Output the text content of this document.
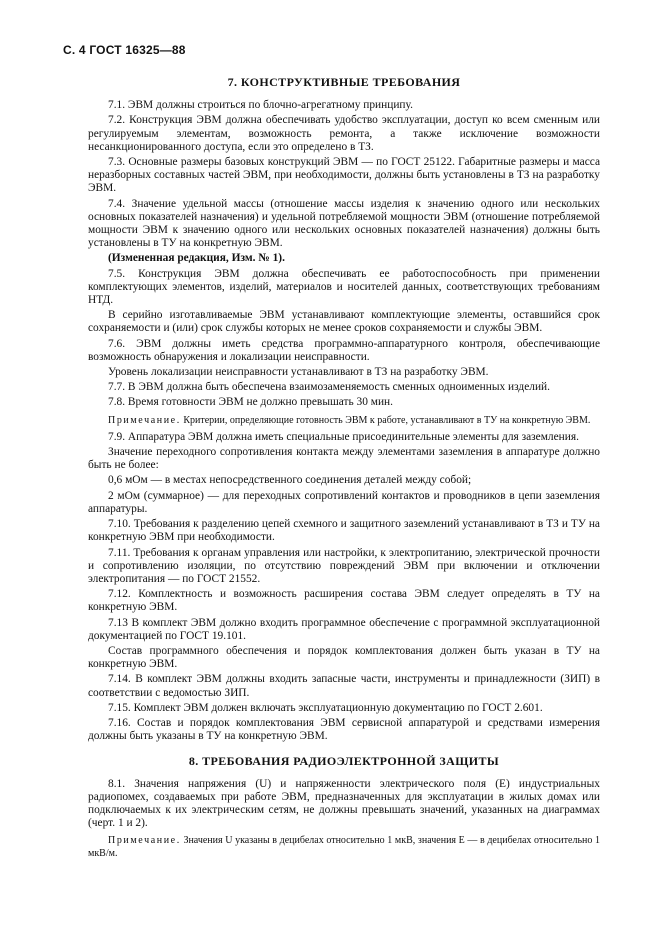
С. 4 ГОСТ 16325—88
7. КОНСТРУКТИВНЫЕ ТРЕБОВАНИЯ

7.1. ЭВМ должны строиться по блочно-агрегатному принципу.

7.2. Конструкция ЭВМ должна обеспечивать удобство эксплуатации, доступ ко всем сменным или регулируемым элементам, возможность ремонта, а также исключение возможности несанкционированного доступа, если это определено в ТЗ.

7.3. Основные размеры базовых конструкций ЭВМ — по ГОСТ 25122. Габаритные размеры и масса неразборных составных частей ЭВМ, при необходимости, должны быть установлены в ТЗ на разработку ЭВМ.

7.4. Значение удельной массы (отношение массы изделия к значению одного или нескольких основных показателей назначения) и удельной потребляемой мощности ЭВМ (отношение потребляемой мощности ЭВМ к значению одного или нескольких основных показателей назначения) должны быть установлены в ТУ на конкретную ЭВМ.

(Измененная редакция, Изм. № 1).

7.5. Конструкция ЭВМ должна обеспечивать ее работоспособность при применении комплектующих элементов, изделий, материалов и носителей данных, соответствующих требованиям НТД.

В серийно изготавливаемые ЭВМ устанавливают комплектующие элементы, оставшийся срок сохраняемости и (или) срок службы которых не менее сроков сохраняемости и службы ЭВМ.

7.6. ЭВМ должны иметь средства программно-аппаратурного контроля, обеспечивающие возможность обнаружения и локализации неисправности.

Уровень локализации неисправности устанавливают в ТЗ на разработку ЭВМ.

7.7. В ЭВМ должна быть обеспечена взаимозаменяемость сменных одноименных изделий.

7.8. Время готовности ЭВМ не должно превышать 30 мин.

Примечание. Критерии, определяющие готовность ЭВМ к работе, устанавливают в ТУ на конкретную ЭВМ.

7.9. Аппаратура ЭВМ должна иметь специальные присоединительные элементы для заземления.

Значение переходного сопротивления контакта между элементами заземления в аппаратуре должно быть не более:

0,6 мОм — в местах непосредственного соединения деталей между собой;

2 мОм (суммарное) — для переходных сопротивлений контактов и проводников в цепи заземления аппаратуры.

7.10. Требования к разделению цепей схемного и защитного заземлений устанавливают в ТЗ и ТУ на конкретную ЭВМ при необходимости.

7.11. Требования к органам управления или настройки, к электропитанию, электрической прочности и сопротивлению изоляции, по отсутствию повреждений ЭВМ при включении и отключении электропитания — по ГОСТ 21552.

7.12. Комплектность и возможность расширения состава ЭВМ следует определять в ТУ на конкретную ЭВМ.

7.13 В комплект ЭВМ должно входить программное обеспечение с программной эксплуатационной документацией по ГОСТ 19.101.

Состав программного обеспечения и порядок комплектования должен быть указан в ТУ на конкретную ЭВМ.

7.14. В комплект ЭВМ должны входить запасные части, инструменты и принадлежности (ЗИП) в соответствии с ведомостью ЗИП.

7.15. Комплект ЭВМ должен включать эксплуатационную документацию по ГОСТ 2.601.

7.16. Состав и порядок комплектования ЭВМ сервисной аппаратурой и средствами измерения должны быть указаны в ТУ на конкретную ЭВМ.

8. ТРЕБОВАНИЯ РАДИОЭЛЕКТРОННОЙ ЗАЩИТЫ

8.1. Значения напряжения (U) и напряженности электрического поля (E) индустриальных радиопомех, создаваемых при работе ЭВМ, предназначенных для эксплуатации в жилых домах или подключаемых к их электрическим сетям, не должны превышать значений, указанных на диаграммах (черт. 1 и 2).

Примечание. Значения U указаны в децибелах относительно 1 мкВ, значения E — в децибелах относительно 1 мкВ/м.
